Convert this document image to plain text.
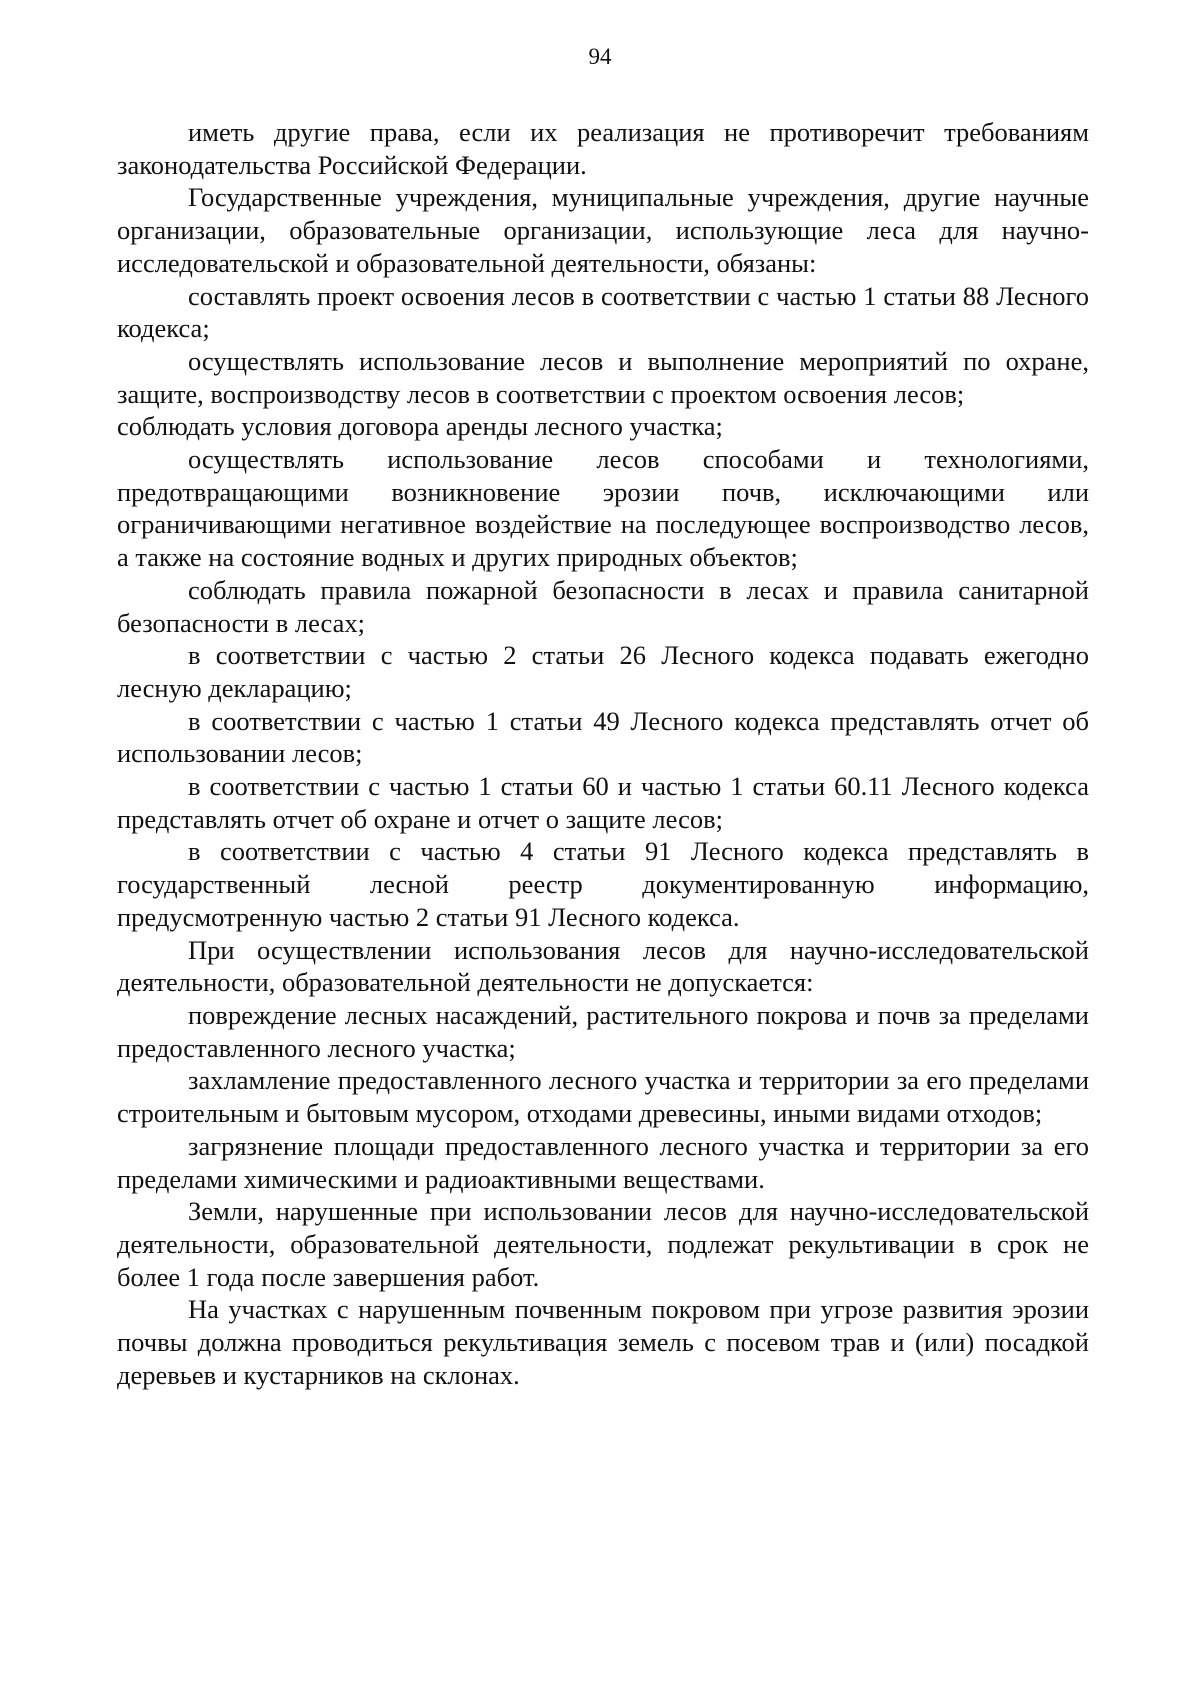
94

иметь другие права, если их реализация не противоречит требованиям законодательства Российской Федерации.

Государственные учреждения, муниципальные учреждения, другие научные организации, образовательные организации, использующие леса для научно-исследовательской и образовательной деятельности, обязаны:

составлять проект освоения лесов в соответствии с частью 1 статьи 88 Лесного кодекса;

осуществлять использование лесов и выполнение мероприятий по охране, защите, воспроизводству лесов в соответствии с проектом освоения лесов;

соблюдать условия договора аренды лесного участка;

осуществлять использование лесов способами и технологиями, предотвращающими возникновение эрозии почв, исключающими или ограничивающими негативное воздействие на последующее воспроизводство лесов, а также на состояние водных и других природных объектов;

соблюдать правила пожарной безопасности в лесах и правила санитарной безопасности в лесах;

в соответствии с частью 2 статьи 26 Лесного кодекса подавать ежегодно лесную декларацию;

в соответствии с частью 1 статьи 49 Лесного кодекса представлять отчет об использовании лесов;

в соответствии с частью 1 статьи 60 и частью 1 статьи 60.11 Лесного кодекса представлять отчет об охране и отчет о защите лесов;

в соответствии с частью 4 статьи 91 Лесного кодекса представлять в государственный лесной реестр документированную информацию, предусмотренную частью 2 статьи 91 Лесного кодекса.

При осуществлении использования лесов для научно-исследовательской деятельности, образовательной деятельности не допускается:

повреждение лесных насаждений, растительного покрова и почв за пределами предоставленного лесного участка;

захламление предоставленного лесного участка и территории за его пределами строительным и бытовым мусором, отходами древесины, иными видами отходов;

загрязнение площади предоставленного лесного участка и территории за его пределами химическими и радиоактивными веществами.

Земли, нарушенные при использовании лесов для научно-исследовательской деятельности, образовательной деятельности, подлежат рекультивации в срок не более 1 года после завершения работ.

На участках с нарушенным почвенным покровом при угрозе развития эрозии почвы должна проводиться рекультивация земель с посевом трав и (или) посадкой деревьев и кустарников на склонах.
